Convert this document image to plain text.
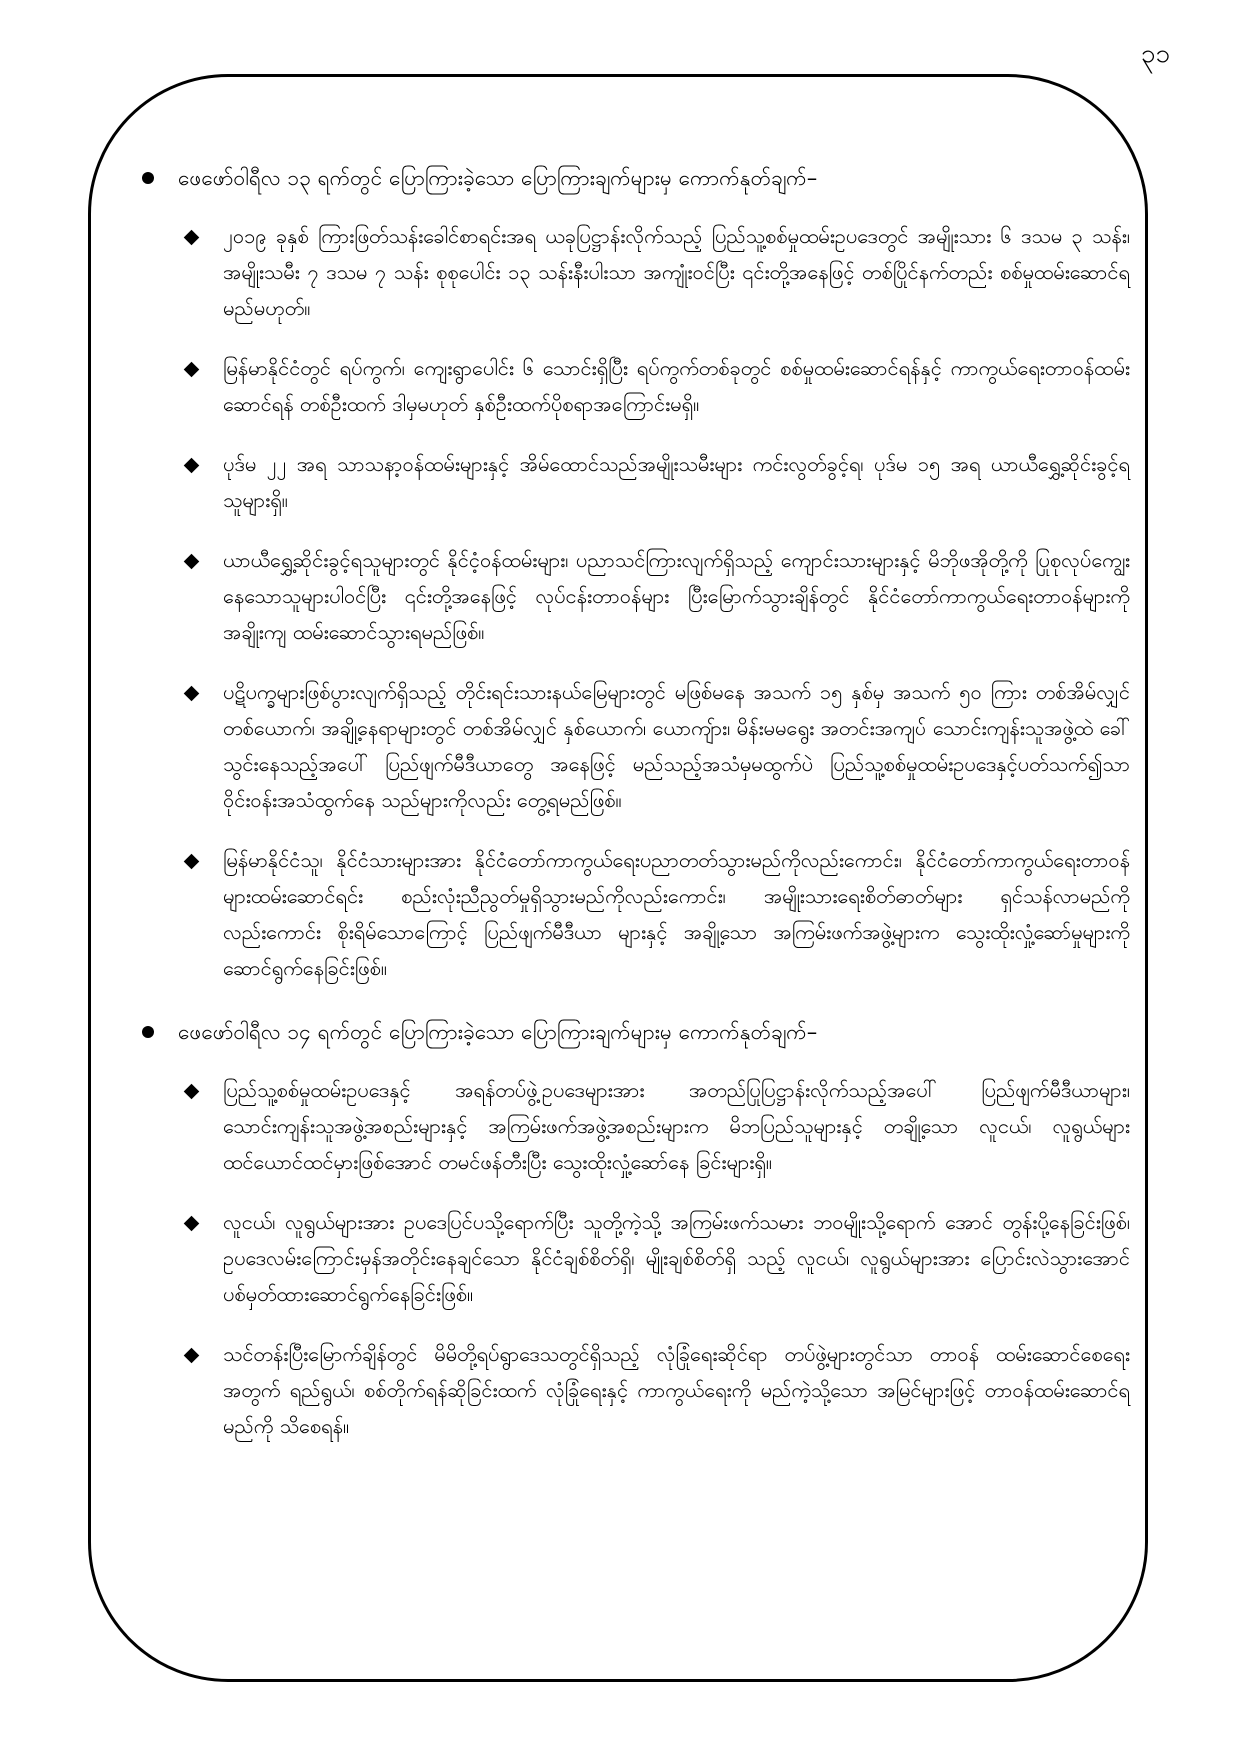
၃၁
ဖေဖော်ဝါရီလ ၁၃ ရက်တွင် ပြောကြားခဲ့သော ပြောကြားချက်များမှ ကောက်နုတ်ချက်–
၂၀၁၉ ခုနှစ် ကြားဖြတ်သန်းခေါင်စာရင်းအရ ယခုပြဋ္ဌာန်းလိုက်သည့် ပြည်သူ့စစ်မှုထမ်းဥပဒေတွင် အမျိုးသား ၆ ဒသမ ၃ သန်း၊ အမျိုးသမီး ၇ ဒသမ ၇ သန်း စုစုပေါင်း ၁၃ သန်းနီးပါးသာ အကျုံးဝင်ပြီး ၎င်းတို့အနေဖြင့် တစ်ပြိုင်နက်တည်း စစ်မှုထမ်းဆောင်ရမည်မဟုတ်။
မြန်မာနိုင်ငံတွင် ရပ်ကွက်၊ ကျေးရွာပေါင်း ၆ သောင်းရှိပြီး ရပ်ကွက်တစ်ခုတွင် စစ်မှုထမ်းဆောင်ရန်နှင့် ကာကွယ်ရေးတာဝန်ထမ်းဆောင်ရန် တစ်ဦးထက် ဒါမှမဟုတ် နှစ်ဦးထက်ပိုစရာအကြောင်းမရှိ။
ပုဒ်မ ၂၂ အရ သာသနာ့ဝန်ထမ်းများနှင့် အိမ်ထောင်သည်အမျိုးသမီးများ ကင်းလွတ်ခွင့်ရ၊ ပုဒ်မ ၁၅ အရ ယာယီရွှေ့ဆိုင်းခွင့်ရသူများရှိ။
ယာယီရွှေ့ဆိုင်းခွင့်ရသူများတွင် နိုင်ငံ့ဝန်ထမ်းများ၊ ပညာသင်ကြားလျက်ရှိသည့် ကျောင်းသားများနှင့် မိဘိုဖအိုတို့ကို ပြုစုလုပ်ကျွေးနေသောသူများပါဝင်ပြီး ၎င်းတို့အနေဖြင့် လုပ်ငန်းတာဝန်များ ပြီးမြောက်သွားချိန်တွင် နိုင်ငံတော်ကာကွယ်ရေးတာဝန်များကို အချိုးကျ ထမ်းဆောင်သွားရမည်ဖြစ်။
ပဋိပက္ခများဖြစ်ပွားလျက်ရှိသည့် တိုင်းရင်းသားနယ်မြေများတွင် မဖြစ်မနေ အသက် ၁၅ နှစ်မှ အသက် ၅၀ ကြား တစ်အိမ်လျှင် တစ်ယောက်၊ အချို့နေရာများတွင် တစ်အိမ်လျှင် နှစ်ယောက်၊ ယောကျ်ား၊ မိန်းမမရွေး အတင်းအကျပ် သောင်းကျန်းသူအဖွဲ့ထဲ ခေါ်သွင်းနေသည့်အပေါ် ပြည်ဖျက်မီဒီယာတွေ အနေဖြင့် မည်သည့်အသံမှမထွက်ပဲ ပြည်သူ့စစ်မှုထမ်းဥပဒေနှင့်ပတ်သက်၍သာ ဝိုင်းဝန်းအသံထွက်နေ သည်များကိုလည်း တွေ့ရမည်ဖြစ်။
မြန်မာနိုင်ငံသူ၊ နိုင်ငံသားများအား နိုင်ငံတော်ကာကွယ်ရေးပညာတတ်သွားမည်ကိုလည်းကောင်း၊ နိုင်ငံတော်ကာကွယ်ရေးတာဝန်များထမ်းဆောင်ရင်း စည်းလုံးညီညွတ်မှုရှိသွားမည်ကိုလည်းကောင်း၊ အမျိုးသားရေးစိတ်ဓာတ်များ ရှင်သန်လာမည်ကိုလည်းကောင်း စိုးရိမ်သောကြောင့် ပြည်ဖျက်မီဒီယာ များနှင့် အချို့သော အကြမ်းဖက်အဖွဲ့များက သွေးထိုးလှုံ့ဆော်မှုများကို ဆောင်ရွက်နေခြင်းဖြစ်။
ဖေဖော်ဝါရီလ ၁၄ ရက်တွင် ပြောကြားခဲ့သော ပြောကြားချက်များမှ ကောက်နုတ်ချက်–
ပြည်သူ့စစ်မှုထမ်းဥပဒေနှင့် အရန်တပ်ဖွဲ့ဥပဒေများအား အတည်ပြုပြဋ္ဌာန်းလိုက်သည့်အပေါ် ပြည်ဖျက်မီဒီယာများ၊ သောင်းကျန်းသူအဖွဲ့အစည်းများနှင့် အကြမ်းဖက်အဖွဲ့အစည်းများက မိဘပြည်သူများနှင့် တချို့သော လူငယ်၊ လူရွယ်များ ထင်ယောင်ထင်မှားဖြစ်အောင် တမင်ဖန်တီးပြီး သွေးထိုးလှုံ့ဆော်နေ ခြင်းများရှိ။
လူငယ်၊ လူရွယ်များအား ဥပဒေပြင်ပသို့ရောက်ပြီး သူတို့ကဲ့သို့ အကြမ်းဖက်သမား ဘဝမျိုးသို့ရောက် အောင် တွန်းပို့နေခြင်းဖြစ်၊ ဥပဒေလမ်းကြောင်းမှန်အတိုင်းနေချင်သော နိုင်ငံချစ်စိတ်ရှိ၊ မျိုးချစ်စိတ်ရှိ သည့် လူငယ်၊ လူရွယ်များအား ပြောင်းလဲသွားအောင် ပစ်မှတ်ထားဆောင်ရွက်နေခြင်းဖြစ်။
သင်တန်းပြီးမြောက်ချိန်တွင် မိမိတို့ရပ်ရွာဒေသတွင်ရှိသည့် လုံခြုံရေးဆိုင်ရာ တပ်ဖွဲ့များတွင်သာ တာဝန် ထမ်းဆောင်စေရေးအတွက် ရည်ရွယ်၊ စစ်တိုက်ရန်ဆိုခြင်းထက် လုံခြုံရေးနှင့် ကာကွယ်ရေးကို မည်ကဲ့သို့သော အမြင်များဖြင့် တာဝန်ထမ်းဆောင်ရမည်ကို သိစေရန်။
